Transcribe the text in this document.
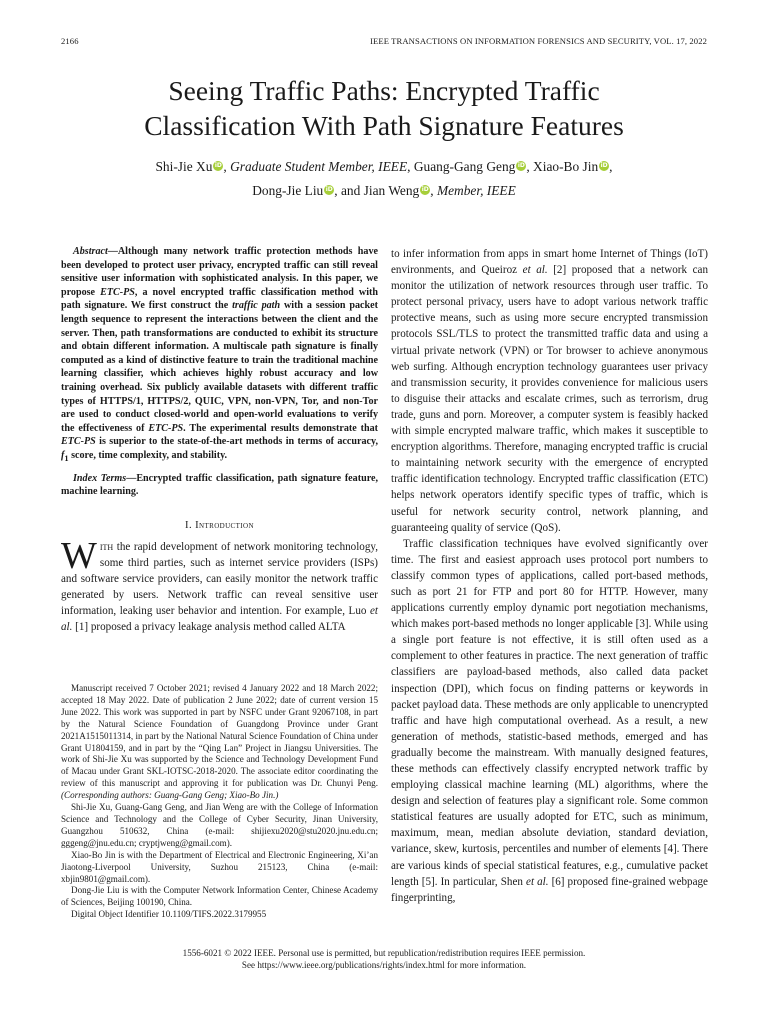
2166	IEEE TRANSACTIONS ON INFORMATION FORENSICS AND SECURITY, VOL. 17, 2022
Seeing Traffic Paths: Encrypted Traffic
Classification With Path Signature Features
Shi-Jie Xu iD, Graduate Student Member, IEEE, Guang-Gang Geng iD, Xiao-Bo Jin iD,
Dong-Jie Liu iD, and Jian Weng iD, Member, IEEE

Abstract—Although many network traffic protection methods have been developed to protect user privacy, encrypted traffic can still reveal sensitive user information with sophisticated analysis. In this paper, we propose ETC-PS, a novel encrypted traffic classification method with path signature. We first construct the traffic path with a session packet length sequence to represent the interactions between the client and the server. Then, path transformations are conducted to exhibit its structure and obtain different information. A multiscale path signature is finally computed as a kind of distinctive feature to train the traditional machine learning classifier, which achieves highly robust accuracy and low training overhead. Six publicly available datasets with different traffic types of HTTPS/1, HTTPS/2, QUIC, VPN, non-VPN, Tor, and non-Tor are used to conduct closed-world and open-world evaluations to verify the effectiveness of ETC-PS. The experimental results demonstrate that ETC-PS is superior to the state-of-the-art methods in terms of accuracy, $f_1$ score, time complexity, and stability.

Index Terms—Encrypted traffic classification, path signature feature, machine learning.

I. Introduction

With the rapid development of network monitoring technology, some third parties, such as internet service providers (ISPs) and software service providers, can easily monitor the network traffic generated by users. Network traffic can reveal sensitive user information, leaking user behavior and intention. For example, Luo et al. [1] proposed a privacy leakage analysis method called ALTA

Manuscript received 7 October 2021; revised 4 January 2022 and 18 March 2022; accepted 18 May 2022. Date of publication 2 June 2022; date of current version 15 June 2022. This work was supported in part by NSFC under Grant 92067108, in part by the Natural Science Foundation of Guangdong Province under Grant 2021A1515011314, in part by the National Natural Science Foundation of China under Grant U1804159, and in part by the “Qing Lan” Project in Jiangsu Universities. The work of Shi-Jie Xu was supported by the Science and Technology Development Fund of Macau under Grant SKL-IOTSC-2018-2020. The associate editor coordinating the review of this manuscript and approving it for publication was Dr. Chunyi Peng. (Corresponding authors: Guang-Gang Geng; Xiao-Bo Jin.)

Shi-Jie Xu, Guang-Gang Geng, and Jian Weng are with the College of Information Science and Technology and the College of Cyber Security, Jinan University, Guangzhou 510632, China (e-mail: shijiexu2020@stu2020.jnu.edu.cn; gggeng@jnu.edu.cn; cryptjweng@gmail.com).

Xiao-Bo Jin is with the Department of Electrical and Electronic Engineering, Xi’an Jiaotong-Liverpool University, Suzhou 215123, China (e-mail: xbjin9801@gmail.com).

Dong-Jie Liu is with the Computer Network Information Center, Chinese Academy of Sciences, Beijing 100190, China.

Digital Object Identifier 10.1109/TIFS.2022.3179955

to infer information from apps in smart home Internet of Things (IoT) environments, and Queiroz et al. [2] proposed that a network can monitor the utilization of network resources through user traffic. To protect personal privacy, users have to adopt various network traffic protective means, such as using more secure encrypted transmission protocols SSL/TLS to protect the transmitted traffic data and using a virtual private network (VPN) or Tor browser to achieve anonymous web surfing. Although encryption technology guarantees user privacy and transmission security, it provides convenience for malicious users to disguise their attacks and escalate crimes, such as terrorism, drug trade, guns and porn. Moreover, a computer system is feasibly hacked with simple encrypted malware traffic, which makes it susceptible to encryption algorithms. Therefore, managing encrypted traffic is crucial to maintaining network security with the emergence of encrypted traffic identification technology. Encrypted traffic classification (ETC) helps network operators identify specific types of traffic, which is useful for network security control, network planning, and guaranteeing quality of service (QoS).

Traffic classification techniques have evolved significantly over time. The first and easiest approach uses protocol port numbers to classify common types of applications, called port-based methods, such as port 21 for FTP and port 80 for HTTP. However, many applications currently employ dynamic port negotiation mechanisms, which makes port-based methods no longer applicable [3]. While using a single port feature is not effective, it is still often used as a complement to other features in practice. The next generation of traffic classifiers are payload-based methods, also called data packet inspection (DPI), which focus on finding patterns or keywords in packet payload data. These methods are only applicable to unencrypted traffic and have high computational overhead. As a result, a new generation of methods, statistic-based methods, emerged and has gradually become the mainstream. With manually designed features, these methods can effectively classify encrypted network traffic by employing classical machine learning (ML) algorithms, where the design and selection of features play a significant role. Some common statistical features are usually adopted for ETC, such as minimum, maximum, mean, median absolute deviation, standard deviation, variance, skew, kurtosis, percentiles and number of elements [4]. There are various kinds of special statistical features, e.g., cumulative packet length [5]. In particular, Shen et al. [6] proposed fine-grained webpage fingerprinting,

1556-6021 © 2022 IEEE. Personal use is permitted, but republication/redistribution requires IEEE permission.
See https://www.ieee.org/publications/rights/index.html for more information.
